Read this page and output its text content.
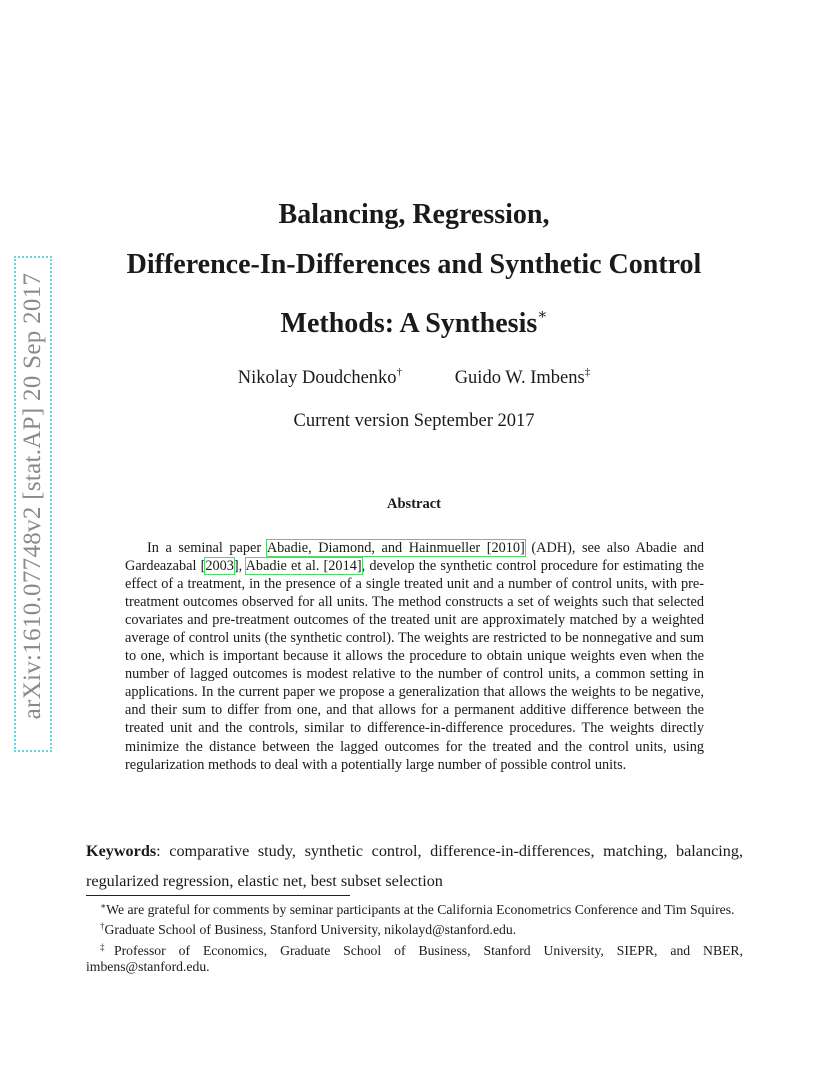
arXiv:1610.07748v2 [stat.AP] 20 Sep 2017
Balancing, Regression,
Difference-In-Differences and Synthetic Control
Methods: A Synthesis∗
Nikolay Doudchenko†	Guido W. Imbens‡
Current version September 2017
Abstract
In a seminal paper Abadie, Diamond, and Hainmueller [2010] (ADH), see also Abadie and Gardeazabal [2003], Abadie et al. [2014], develop the synthetic control procedure for estimating the effect of a treatment, in the presence of a single treated unit and a number of control units, with pre-treatment outcomes observed for all units. The method constructs a set of weights such that selected covariates and pre-treatment outcomes of the treated unit are approximately matched by a weighted average of control units (the synthetic control). The weights are restricted to be nonnegative and sum to one, which is important because it allows the procedure to obtain unique weights even when the number of lagged outcomes is modest relative to the number of control units, a common setting in applications. In the current paper we propose a generalization that allows the weights to be negative, and their sum to differ from one, and that allows for a permanent additive difference between the treated unit and the controls, similar to difference-in-difference procedures. The weights directly minimize the distance between the lagged outcomes for the treated and the control units, using regularization methods to deal with a potentially large number of possible control units.
Keywords: comparative study, synthetic control, difference-in-differences, matching, balancing, regularized regression, elastic net, best subset selection

∗We are grateful for comments by seminar participants at the California Econometrics Conference and Tim Squires.

†Graduate School of Business, Stanford University, nikolayd@stanford.edu.

‡Professor of Economics, Graduate School of Business, Stanford University, SIEPR, and NBER, imbens@stanford.edu.
